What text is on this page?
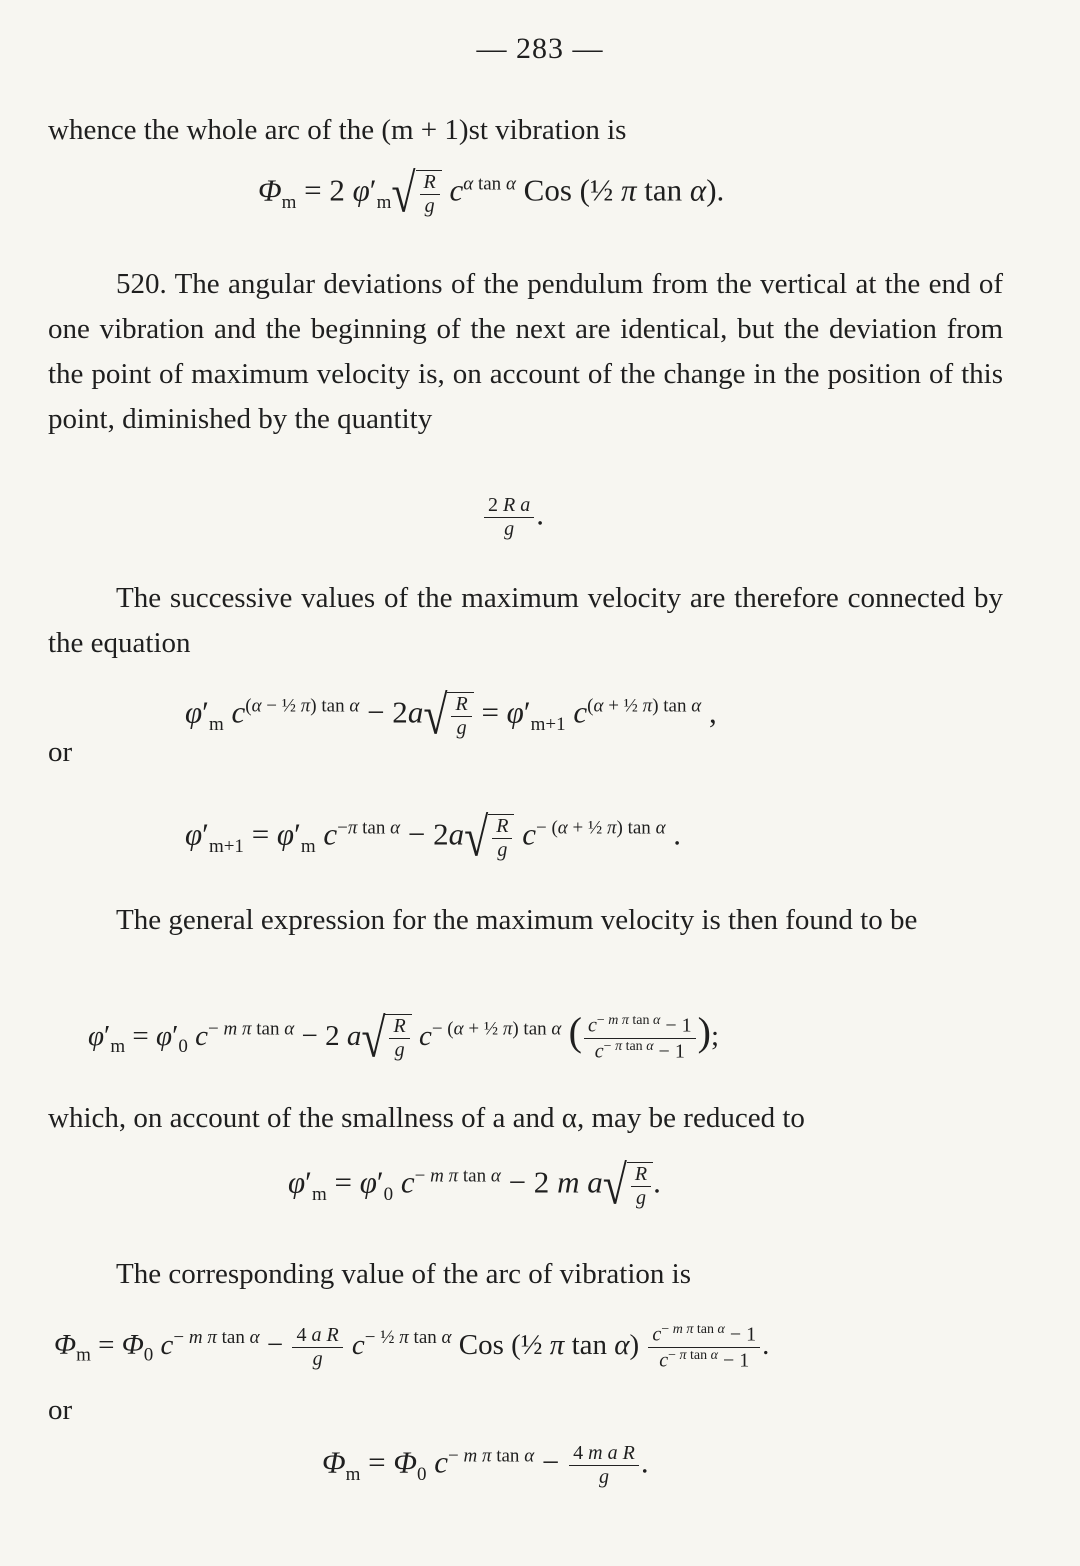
— 283 —
whence the whole arc of the (m + 1)st vibration is
$\Phi_m = 2$ $\varphi'_m√ \frac{R}{g} c^{\alpha tan \alpha}$ Cos (½ π tan α).
520. The angular deviations of the pendulum from the vertical at the end of one vibration and the beginning of the next are identical, but the deviation from the point of maximum velocity is, on account of the change in the position of this point, diminished by the quantity
$\frac{\text{2 R a}}{g}$ .
The successive values of the maximum velocity are therefore connected by the equation
$\varphi'_m$ $c^{(\alpha - \frac{1}{2} \pi) tan \alpha} - 2a√ \frac{R}{g} = \varphi'_{m+1}$ $c^{(\alpha + \frac{1}{2} \pi) tan \alpha}$ ,
or
$\varphi'_{m+1} = \varphi'_m$ $c^{-\pi tan \alpha} - 2a√ \frac{R}{g} c^{- (\alpha + \frac{1}{2} \pi) tan \alpha}$ .
The general expression for the maximum velocity is then found to be
$\varphi'_m = \varphi'_0$ $c^{- m \pi tan \alpha} - 2$ $a√ \frac{R}{g} c^{- (\alpha + \frac{1}{2} \pi) tan \alpha}$ ( $\frac{c^{- m \pi tan \alpha} - 1}{c^{- \pi tan \alpha} - 1}$ );
which, on account of the smallness of a and α, may be reduced to
$\varphi'_m = \varphi'_0$ $c^{- m \pi tan \alpha} - 2$ m $a√ \frac{R}{g}$ .
The corresponding value of the arc of vibration is
$\Phi_m = \Phi_0$ $c^{- m \pi tan \alpha} - \frac{\text{4 a R}}{g} c^{- \frac{1}{2} \pi tan \alpha}$ Cos (½ π $\tan \alpha) \frac{c^{- m \pi tan \alpha} - 1}{c^{- \pi tan \alpha} - 1}$ .
or
$\Phi_m = \Phi_0$ $c^{- m \pi tan \alpha} - \frac{\text{4 m a R}}{g}$ .
